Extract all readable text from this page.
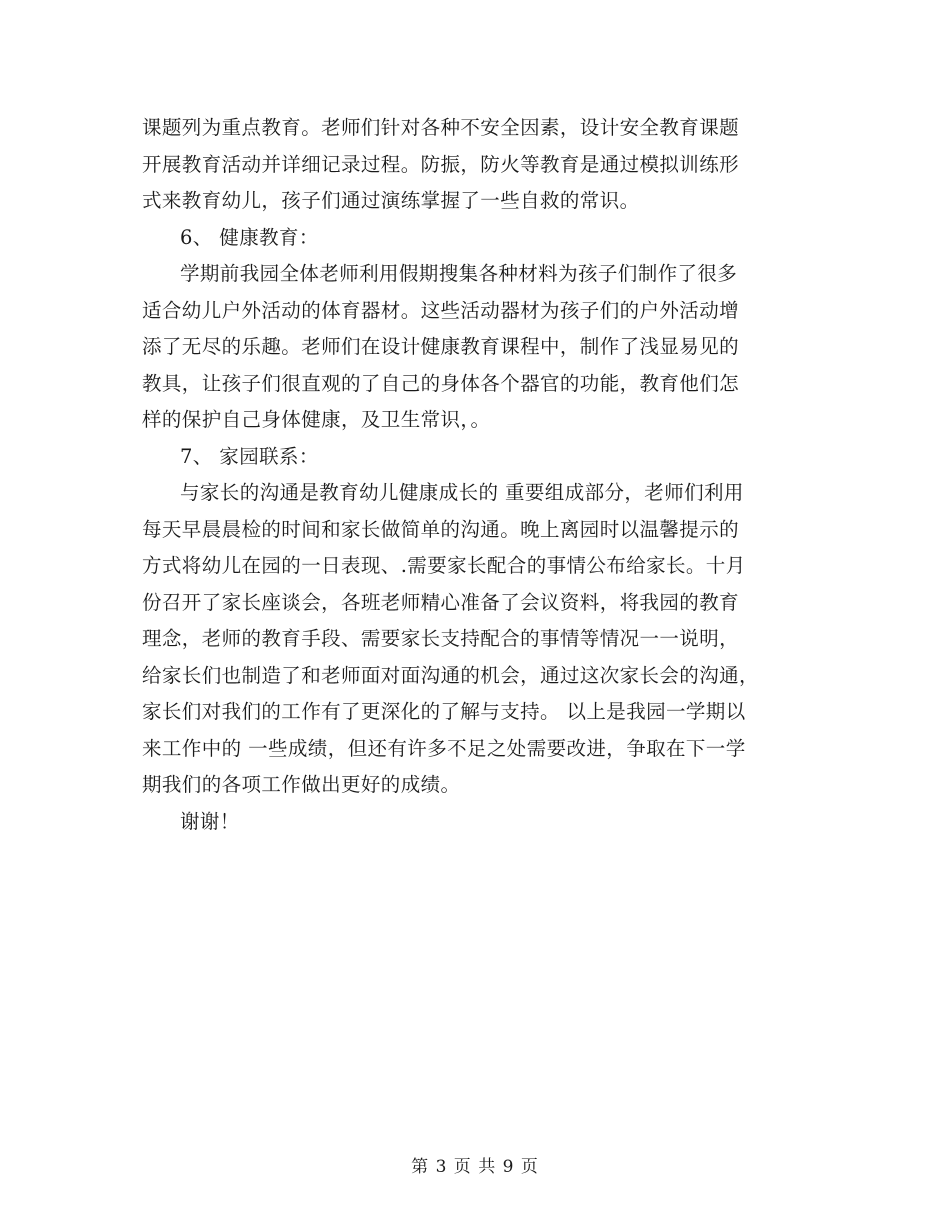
课题列为重点教育。老师们针对各种不安全因素，设计安全教育课题
开展教育活动并详细记录过程。防振，防火等教育是通过模拟训练形
式来教育幼儿，孩子们通过演练掌握了一些自救的常识。
6、 健康教育：
学期前我园全体老师利用假期搜集各种材料为孩子们制作了很多
适合幼儿户外活动的体育器材。这些活动器材为孩子们的户外活动增
添了无尽的乐趣。老师们在设计健康教育课程中，制作了浅显易见的
教具，让孩子们很直观的了自己的身体各个器官的功能，教育他们怎
样的保护自己身体健康，及卫生常识，。
7、 家园联系：
与家长的沟通是教育幼儿健康成长的 重要组成部分，老师们利用
每天早晨晨检的时间和家长做简单的沟通。晚上离园时以温馨提示的
方式将幼儿在园的一日表现、.需要家长配合的事情公布给家长。十月
份召开了家长座谈会，各班老师精心准备了会议资料，将我园的教育
理念，老师的教育手段、需要家长支持配合的事情等情况一一说明，
给家长们也制造了和老师面对面沟通的机会，通过这次家长会的沟通，
家长们对我们的工作有了更深化的了解与支持。 以上是我园一学期以
来工作中的 一些成绩，但还有许多不足之处需要改进，争取在下一学
期我们的各项工作做出更好的成绩。
谢谢！
第 3 页 共 9 页
